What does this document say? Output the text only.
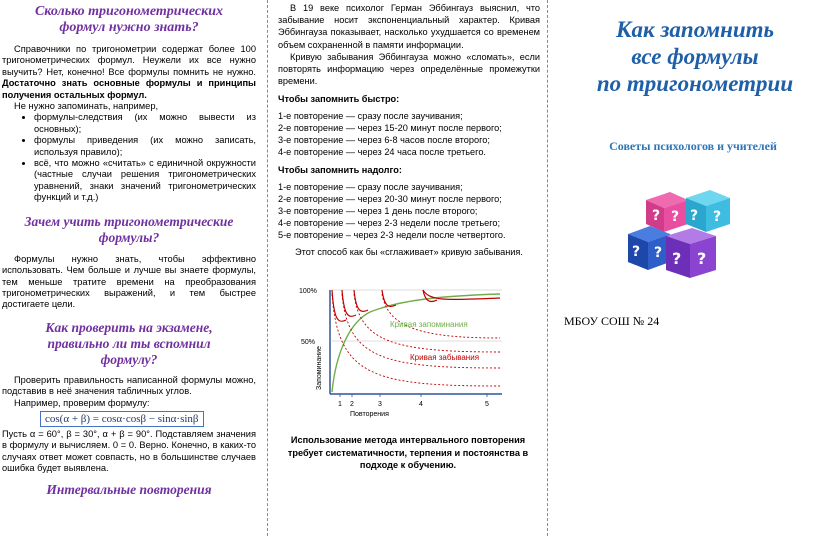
Сколько тригонометрических формул нужно знать?

Справочники по тригонометрии содержат более 100 тригонометрических формул. Неужели их все нужно выучить? Нет, конечно! Все формулы помнить не нужно. Достаточно знать основные формулы и принципы получения остальных формул.

Не нужно запоминать, например,

• формулы-следствия (их можно вывести из основных);
• формулы приведения (их можно записать, используя правило);
• всё, что можно «считать» с единичной окружности (частные случаи решения тригонометрических уравнений, знаки значений тригонометрических функций и т.д.)
Зачем учить тригонометрические формулы?

Формулы нужно знать, чтобы эффективно использовать. Чем больше и лучше вы знаете формулы, тем меньше тратите времени на преобразования тригонометрических выражений, и тем быстрее достигаете цели.

Как проверить на экзамене, правильно ли ты вспомнил формулу?

Проверить правильность написанной формулы можно, подставив в неё значения табличных углов.

Например, проверим формулу:

cos(α + β) = cosα·cosβ − sinα·sinβ

Пусть α = 60°, β = 30°, α + β = 90°. Подставляем значения в формулу и вычисляем. 0 = 0. Верно. Конечно, в каких-то случаях ответ может совпасть, но в большинстве случаев ошибка будет выявлена.

Интервальные повторения

В 19 веке психолог Герман Эббингауз выяснил, что забывание носит экспоненциальный характер. Кривая Эббингауза показывает, насколько ухудшается со временем объем сохраненной в памяти информации.

Кривую забывания Эббингауза можно «сломать», если повторять информацию через определённые промежутки времени.

Чтобы запомнить быстро:

1-е повторение — сразу после заучивания;

2-е повторение — через 15-20 минут после первого;

3-е повторение — через 6-8 часов после второго;

4-е повторение — через 24 часа после третьего.

Чтобы запомнить надолго:

1-е повторение — сразу после заучивания;

2-е повторение — через 20-30 минут после первого;

3-е повторение — через 1 день после второго;

4-е повторение — через 2-3 недели после третьего;

5-е повторение – через 2-3 недели после четвертого.

Этот способ как бы «сглаживает» кривую забывания.

100%
50%
1 2	3	4	5
Повторения
Запоминание
Кривая запоминания
Кривая забывания

Использование метода интервального повторения требует систематичности, терпения и постоянства в подходе к обучению.

Как запомнить
все формулы
по тригонометрии
Советы психологов и учителей
? ? ? ?
? ? ? ?
МБОУ СОШ № 24
